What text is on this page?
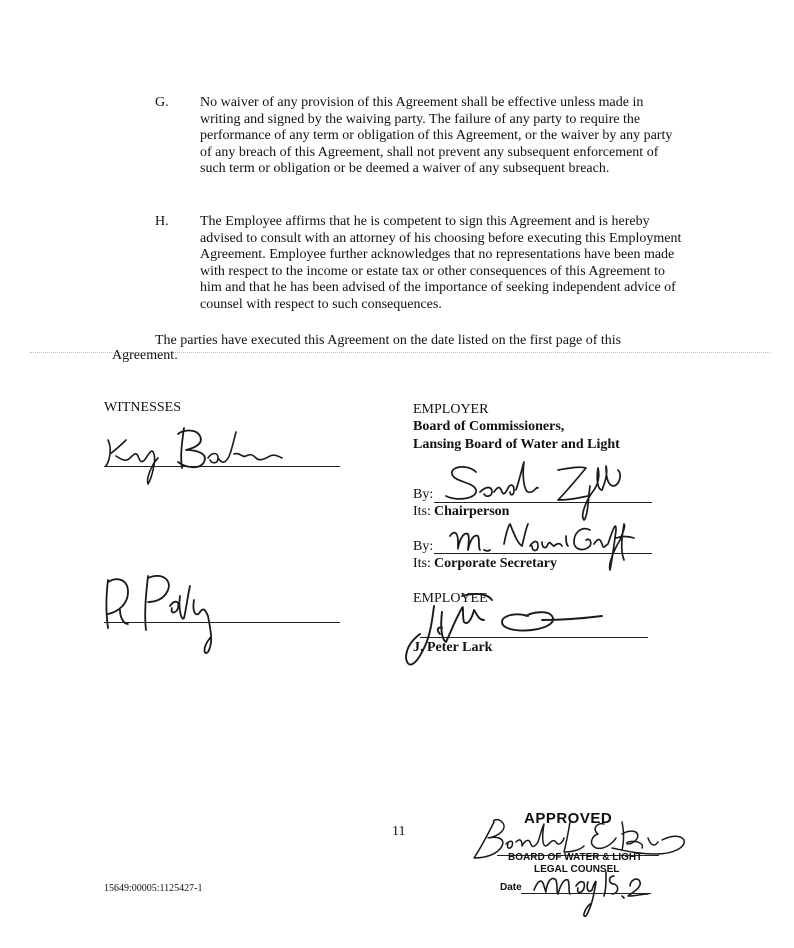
G. No waiver of any provision of this Agreement shall be effective unless made in writing and signed by the waiving party. The failure of any party to require the performance of any term or obligation of this Agreement, or the waiver by any party of any breach of this Agreement, shall not prevent any subsequent enforcement of such term or obligation or be deemed a waiver of any subsequent breach.
H. The Employee affirms that he is competent to sign this Agreement and is hereby advised to consult with an attorney of his choosing before executing this Employment Agreement. Employee further acknowledges that no representations have been made with respect to the income or estate tax or other consequences of this Agreement to him and that he has been advised of the importance of seeking independent advice of counsel with respect to such consequences.
The parties have executed this Agreement on the date listed on the first page of this
Agreement.
WITNESSES	EMPLOYER
Board of Commissioners,
Lansing Board of Water and Light
By:
Its: Chairperson
By:
Its: Corporate Secretary
EMPLOYEE
J. Peter Lark
11
APPROVED
BOARD OF WATER & LIGHT
LEGAL COUNSEL
Date
15649:00005:1125427-1
